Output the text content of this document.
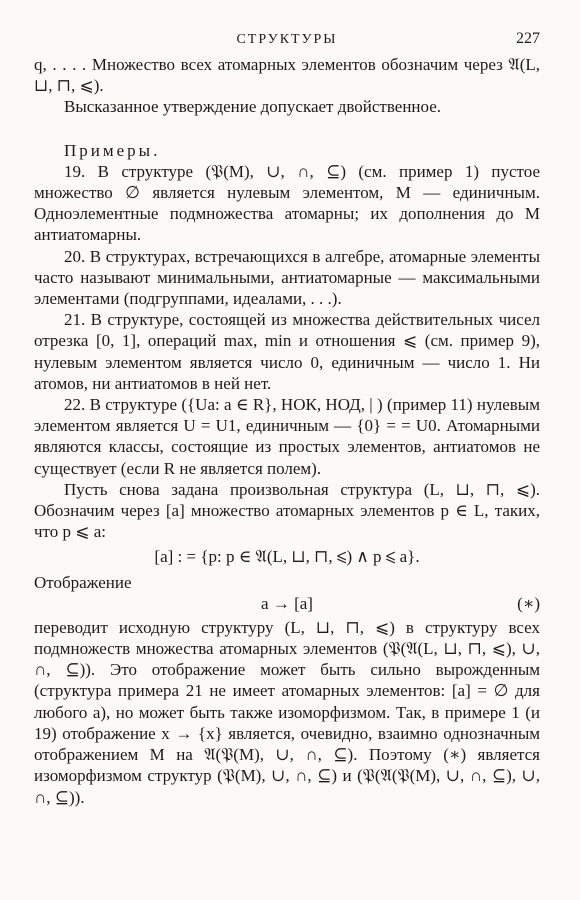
СТРУКТУРЫ	227

q, . . . . Множество всех атомарных элементов обозначим через 𝔄(L, ⊔, ⊓, ⩽).

Высказанное утверждение допускает двойственное.

Примеры.

19. В структуре (𝔓(M), ∪, ∩, ⊆) (см. пример 1) пустое множество ∅ является нулевым элементом, M — единичным. Одноэлементные подмножества атомарны; их дополнения до M антиатомарны.

20. В структурах, встречающихся в алгебре, атомарные элементы часто называют минимальными, антиатомарные — максимальными элементами (подгруппами, идеалами, . . .).

21. В структуре, состоящей из множества действительных чисел отрезка [0, 1], операций max, min и отношения ⩽ (см. пример 9), нулевым элементом является число 0, единичным — число 1. Ни атомов, ни антиатомов в ней нет.

22. В структуре ({Ua: a ∈ R}, НОК, НОД, | ) (пример 11) нулевым элементом является U = U1, единичным — {0} = = U0. Атомарными являются классы, состоящие из простых элементов, антиатомов не существует (если R не является полем).

Пусть снова задана произвольная структура (L, ⊔, ⊓, ⩽). Обозначим через [a] множество атомарных элементов p ∈ L, таких, что p ⩽ a:

[a] : = {p: p ∈ 𝔄(L, ⊔, ⊓, ⩽) ∧ p ⩽ a}.

Отображение

a → [a]	(∗)

переводит исходную структуру (L, ⊔, ⊓, ⩽) в структуру всех подмножеств множества атомарных элементов (𝔓(𝔄(L, ⊔, ⊓, ⩽), ∪, ∩, ⊆)). Это отображение может быть сильно вырожденным (структура примера 21 не имеет атомарных элементов: [a] = ∅ для любого a), но может быть также изоморфизмом. Так, в примере 1 (и 19) отображение x → {x} является, очевидно, взаимно однозначным отображением M на 𝔄(𝔓(M), ∪, ∩, ⊆). Поэтому (∗) является изоморфизмом структур (𝔓(M), ∪, ∩, ⊆) и (𝔓(𝔄(𝔓(M), ∪, ∩, ⊆), ∪, ∩, ⊆)).
